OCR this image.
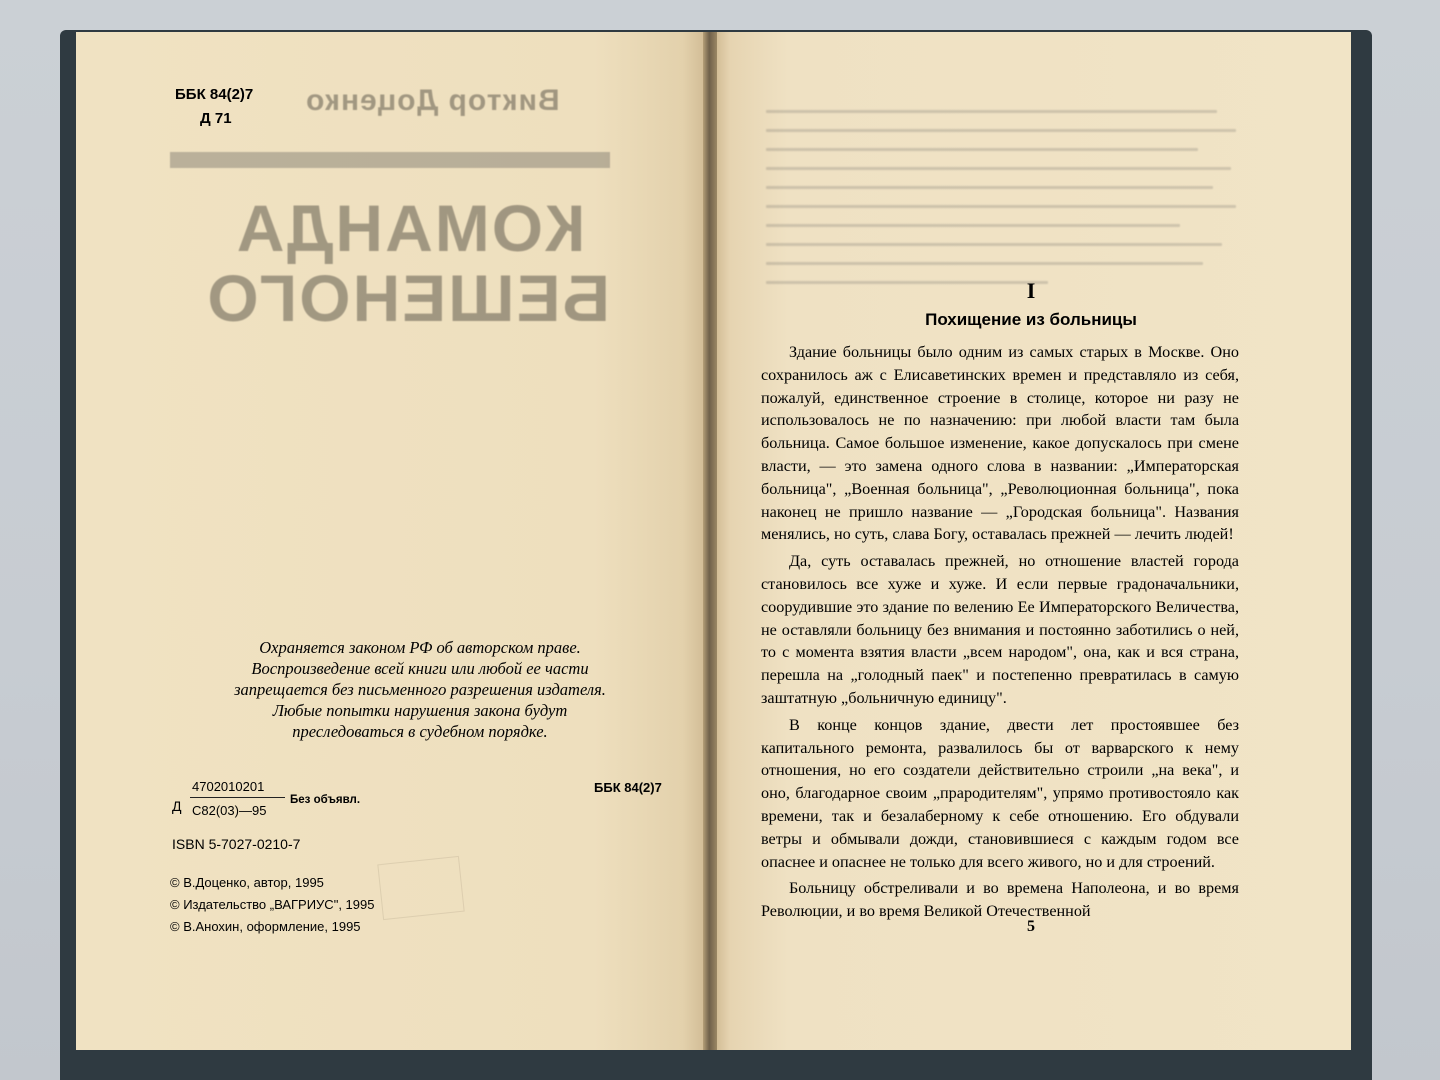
Виктор Доценко
КОМАНДА
БЕШЕНОГО
ББК 84(2)7
Д 71
Охраняется законом РФ об авторском праве.
Воспроизведение всей книги или любой ее части
запрещается без письменного разрешения издателя.
Любые попытки нарушения закона будут
преследоваться в судебном порядке.
Д
4702010201
С82(03)—95
Без объявл.
ББК 84(2)7
ISBN 5-7027-0210-7
© В.Доценко, автор, 1995
© Издательство „ВАГРИУС", 1995
© В.Анохин, оформление, 1995
I
Похищение из больницы

Здание больницы было одним из самых старых в Москве. Оно сохранилось аж с Елисаветинских времен и представляло из себя, пожалуй, единственное строение в столице, которое ни разу не использовалось не по назначению: при любой власти там была больница. Самое большое изменение, какое допускалось при смене власти, — это замена одного слова в названии: „Императорская больница", „Военная больница", „Революционная больница", пока наконец не пришло название — „Городская больница". Названия менялись, но суть, слава Богу, оставалась прежней — лечить людей!

Да, суть оставалась прежней, но отношение властей города становилось все хуже и хуже. И если первые градоначальники, соорудившие это здание по велению Ее Императорского Величества, не оставляли больницу без внимания и постоянно заботились о ней, то с момента взятия власти „всем народом", она, как и вся страна, перешла на „голодный паек" и постепенно превратилась в самую заштатную „больничную единицу".

В конце концов здание, двести лет простоявшее без капитального ремонта, развалилось бы от варварского к нему отношения, но его создатели действительно строили „на века", и оно, благодарное своим „прародителям", упрямо противостояло как времени, так и безалаберному к себе отношению. Его обдували ветры и обмывали дожди, становившиеся с каждым годом все опаснее и опаснее не только для всего живого, но и для строений.

Больницу обстреливали и во времена Наполеона, и во время Революции, и во время Великой Отечественной

5
